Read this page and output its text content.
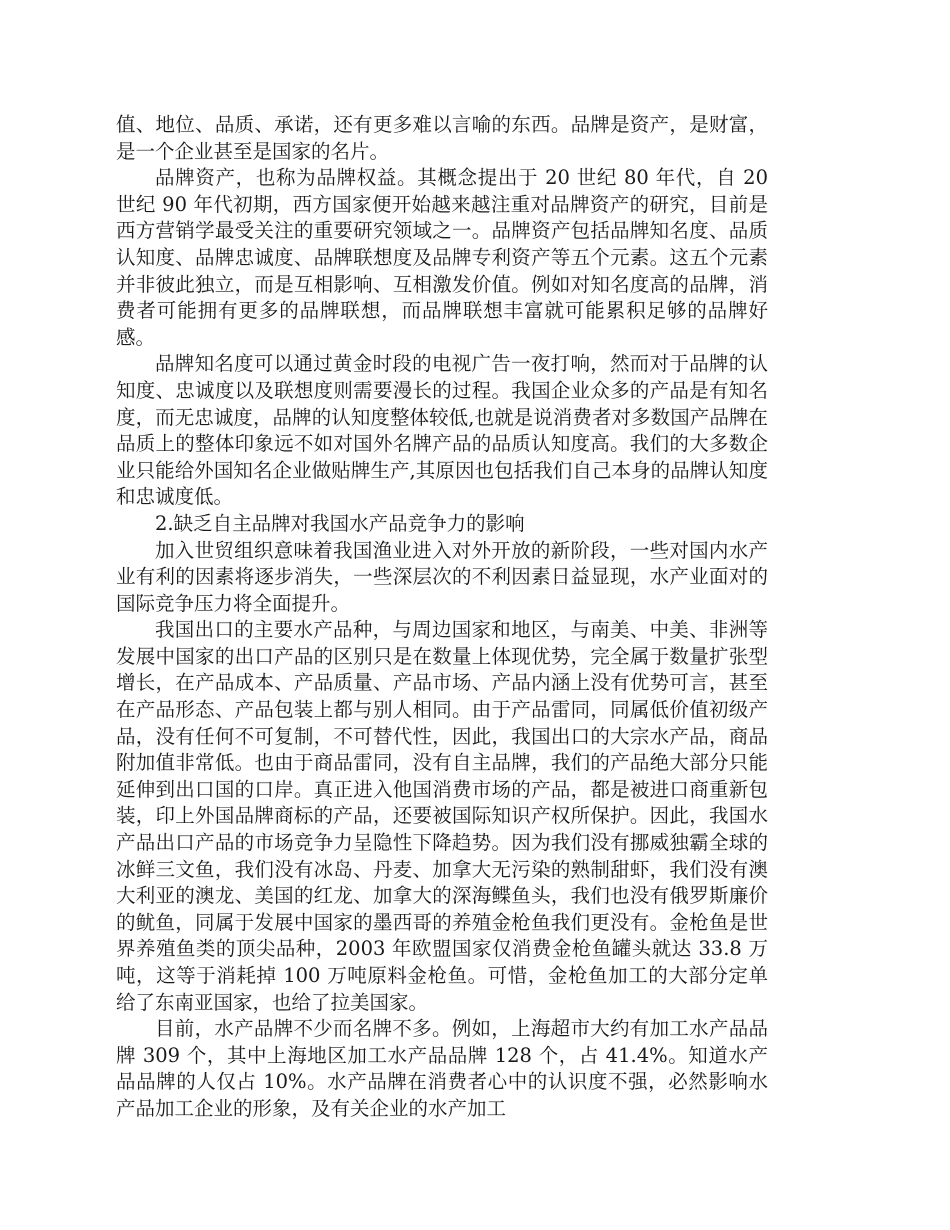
值、地位、品质、承诺，还有更多难以言喻的东西。品牌是资产，是财富，是一个企业甚至是国家的名片。

品牌资产，也称为品牌权益。其概念提出于 20 世纪 80 年代，自 20 世纪 90 年代初期，西方国家便开始越来越注重对品牌资产的研究，目前是西方营销学最受关注的重要研究领域之一。品牌资产包括品牌知名度、品质认知度、品牌忠诚度、品牌联想度及品牌专利资产等五个元素。这五个元素并非彼此独立，而是互相影响、互相激发价值。例如对知名度高的品牌，消费者可能拥有更多的品牌联想，而品牌联想丰富就可能累积足够的品牌好感。

品牌知名度可以通过黄金时段的电视广告一夜打响，然而对于品牌的认知度、忠诚度以及联想度则需要漫长的过程。我国企业众多的产品是有知名度，而无忠诚度，品牌的认知度整体较低,也就是说消费者对多数国产品牌在品质上的整体印象远不如对国外名牌产品的品质认知度高。我们的大多数企业只能给外国知名企业做贴牌生产,其原因也包括我们自己本身的品牌认知度和忠诚度低。

2.缺乏自主品牌对我国水产品竞争力的影响

加入世贸组织意味着我国渔业进入对外开放的新阶段，一些对国内水产业有利的因素将逐步消失，一些深层次的不利因素日益显现，水产业面对的国际竞争压力将全面提升。

我国出口的主要水产品种，与周边国家和地区，与南美、中美、非洲等发展中国家的出口产品的区别只是在数量上体现优势，完全属于数量扩张型增长，在产品成本、产品质量、产品市场、产品内涵上没有优势可言，甚至在产品形态、产品包装上都与别人相同。由于产品雷同，同属低价值初级产品，没有任何不可复制，不可替代性，因此，我国出口的大宗水产品，商品附加值非常低。也由于商品雷同，没有自主品牌，我们的产品绝大部分只能延伸到出口国的口岸。真正进入他国消费市场的产品，都是被进口商重新包装，印上外国品牌商标的产品，还要被国际知识产权所保护。因此，我国水产品出口产品的市场竞争力呈隐性下降趋势。因为我们没有挪威独霸全球的冰鲜三文鱼，我们没有冰岛、丹麦、加拿大无污染的熟制甜虾，我们没有澳大利亚的澳龙、美国的红龙、加拿大的深海鲽鱼头，我们也没有俄罗斯廉价的鱿鱼，同属于发展中国家的墨西哥的养殖金枪鱼我们更没有。金枪鱼是世界养殖鱼类的顶尖品种，2003 年欧盟国家仅消费金枪鱼罐头就达 33.8 万吨，这等于消耗掉 100 万吨原料金枪鱼。可惜，金枪鱼加工的大部分定单给了东南亚国家，也给了拉美国家。

目前，水产品牌不少而名牌不多。例如，上海超市大约有加工水产品品牌 309 个，其中上海地区加工水产品品牌 128 个，占 41.4%。知道水产品品牌的人仅占 10%。水产品牌在消费者心中的认识度不强，必然影响水产品加工企业的形象，及有关企业的水产加工
